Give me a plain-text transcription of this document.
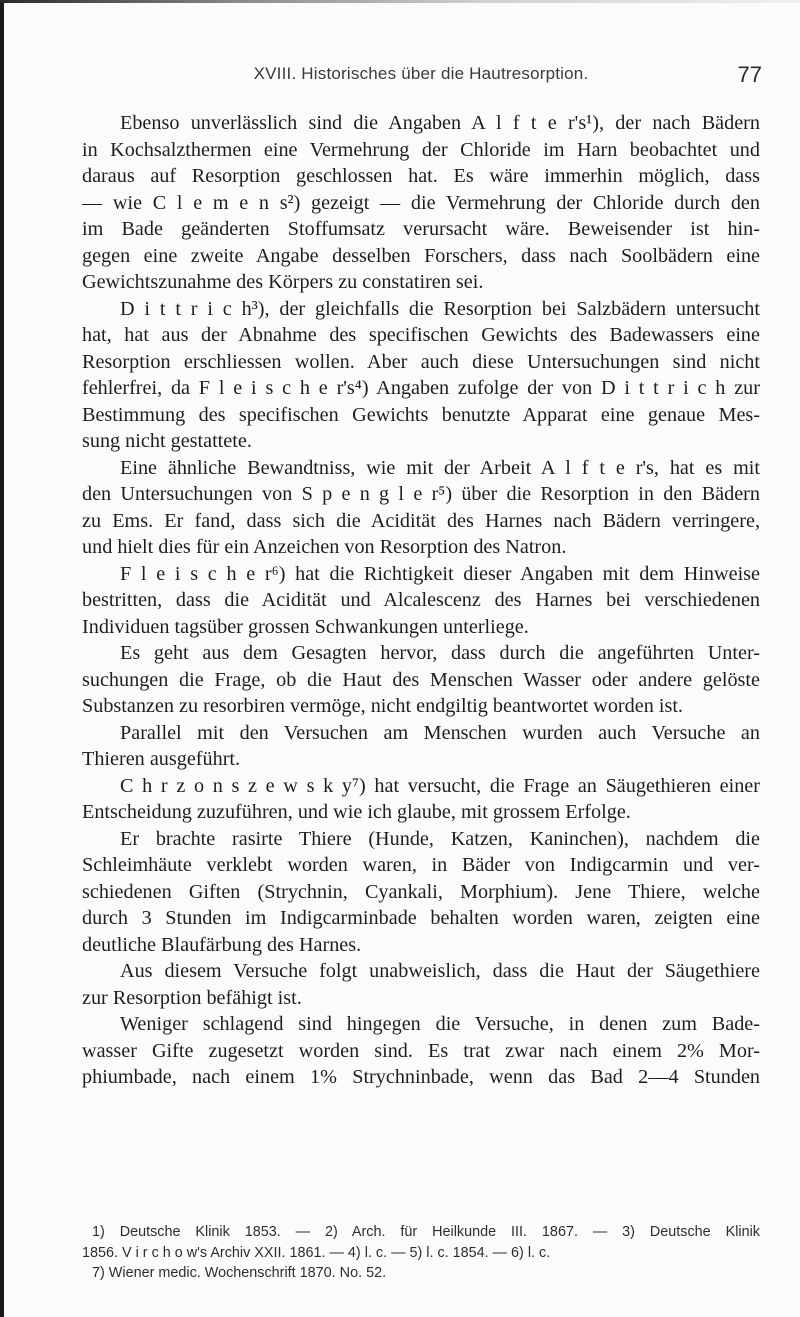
XVIII. Historisches über die Hautresorption.	77
Ebenso unverlässlich sind die Angaben A l f t e r's¹), der nach Bädern
in Kochsalzthermen eine Vermehrung der Chloride im Harn beobachtet und
daraus auf Resorption geschlossen hat. Es wäre immerhin möglich, dass
— wie C l e m e n s²) gezeigt — die Vermehrung der Chloride durch den
im Bade geänderten Stoffumsatz verursacht wäre. Beweisender ist hin-
gegen eine zweite Angabe desselben Forschers, dass nach Soolbädern eine
Gewichtszunahme des Körpers zu constatiren sei.
D i t t r i c h³), der gleichfalls die Resorption bei Salzbädern untersucht
hat, hat aus der Abnahme des specifischen Gewichts des Badewassers eine
Resorption erschliessen wollen. Aber auch diese Untersuchungen sind nicht
fehlerfrei, da F l e i s c h e r's⁴) Angaben zufolge der von D i t t r i c h zur
Bestimmung des specifischen Gewichts benutzte Apparat eine genaue Mes-
sung nicht gestattete.
Eine ähnliche Bewandtniss, wie mit der Arbeit A l f t e r's, hat es mit
den Untersuchungen von S p e n g l e r⁵) über die Resorption in den Bädern
zu Ems. Er fand, dass sich die Acidität des Harnes nach Bädern verringere,
und hielt dies für ein Anzeichen von Resorption des Natron.
F l e i s c h e r⁶) hat die Richtigkeit dieser Angaben mit dem Hinweise
bestritten, dass die Acidität und Alcalescenz des Harnes bei verschiedenen
Individuen tagsüber grossen Schwankungen unterliege.
Es geht aus dem Gesagten hervor, dass durch die angeführten Unter-
suchungen die Frage, ob die Haut des Menschen Wasser oder andere gelöste
Substanzen zu resorbiren vermöge, nicht endgiltig beantwortet worden ist.
Parallel mit den Versuchen am Menschen wurden auch Versuche an
Thieren ausgeführt.
C h r z o n s z e w s k y⁷) hat versucht, die Frage an Säugethieren einer
Entscheidung zuzuführen, und wie ich glaube, mit grossem Erfolge.
Er brachte rasirte Thiere (Hunde, Katzen, Kaninchen), nachdem die
Schleimhäute verklebt worden waren, in Bäder von Indigcarmin und ver-
schiedenen Giften (Strychnin, Cyankali, Morphium). Jene Thiere, welche
durch 3 Stunden im Indigcarminbade behalten worden waren, zeigten eine
deutliche Blaufärbung des Harnes.
Aus diesem Versuche folgt unabweislich, dass die Haut der Säugethiere
zur Resorption befähigt ist.
Weniger schlagend sind hingegen die Versuche, in denen zum Bade-
wasser Gifte zugesetzt worden sind. Es trat zwar nach einem 2% Mor-
phiumbade, nach einem 1% Strychninbade, wenn das Bad 2—4 Stunden
1) Deutsche Klinik 1853. — 2) Arch. für Heilkunde III. 1867. — 3) Deutsche Klinik
1856. V i r c h o w's Archiv XXII. 1861. — 4) l. c. — 5) l. c. 1854. — 6) l. c.
7) Wiener medic. Wochenschrift 1870. No. 52.
